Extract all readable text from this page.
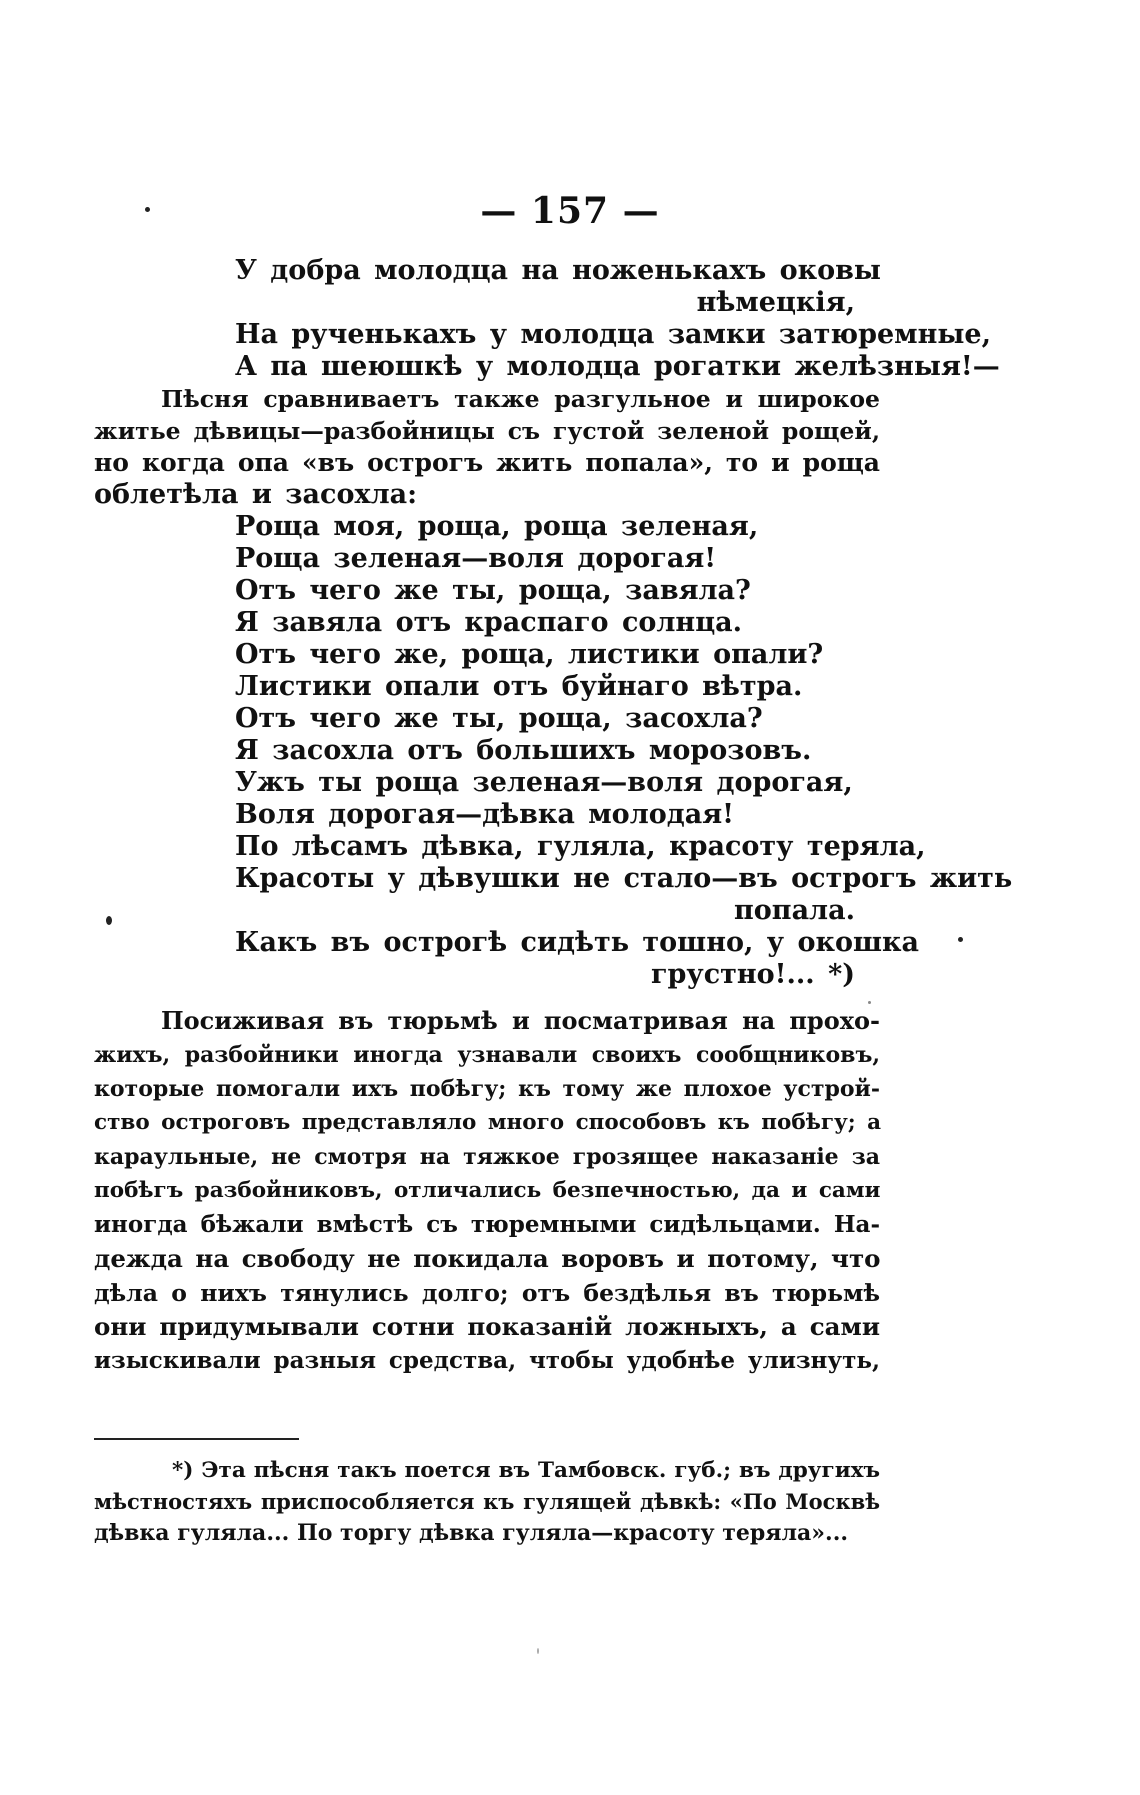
— 157 —
У добра молодца на ноженькахъ оковы
нѣмецкія,
На рученькахъ у молодца замки затюремные,
А па шеюшкѣ у молодца рогатки желѣзныя!—
Пѣсня сравниваетъ также разгульное и широкое
житье дѣвицы—разбойницы съ густой зеленой рощей,
но когда опа «въ острогъ жить попала», то и роща
облетѣла и засохла:
Роща моя, роща, роща зеленая,
Роща зеленая—воля дорогая!
Отъ чего же ты, роща, завяла?
Я завяла отъ краспаго солнца.
Отъ чего же, роща, листики опали?
Листики опали отъ буйнаго вѣтра.
Отъ чего же ты, роща, засохла?
Я засохла отъ большихъ морозовъ.
Ужъ ты роща зеленая—воля дорогая,
Воля дорогая—дѣвка молодая!
По лѣсамъ дѣвка, гуляла, красоту теряла,
Красоты у дѣвушки не стало—въ острогъ жить
попала.
Какъ въ острогѣ сидѣть тошно, у окошка
грустно!... *)
Посиживая въ тюрьмѣ и посматривая на прохо-
жихъ, разбойники иногда узнавали своихъ сообщниковъ,
которые помогали ихъ побѣгу; къ тому же плохое устрой-
ство остроговъ представляло много способовъ къ побѣгу; а
караульные, не смотря на тяжкое грозящее наказаніе за
побѣгъ разбойниковъ, отличались безпечностью, да и сами
иногда бѣжали вмѣстѣ съ тюремными сидѣльцами. На-
дежда на свободу не покидала воровъ и потому, что
дѣла о нихъ тянулись долго; отъ бездѣлья въ тюрьмѣ
они придумывали сотни показаній ложныхъ, а сами
изыскивали разныя средства, чтобы удобнѣе улизнуть,
*) Эта пѣсня такъ поется въ Тамбовск. губ.; въ другихъ
мѣстностяхъ приспособляется къ гулящей дѣвкѣ: «По Москвѣ
дѣвка гуляла... По торгу дѣвка гуляла—красоту теряла»...
